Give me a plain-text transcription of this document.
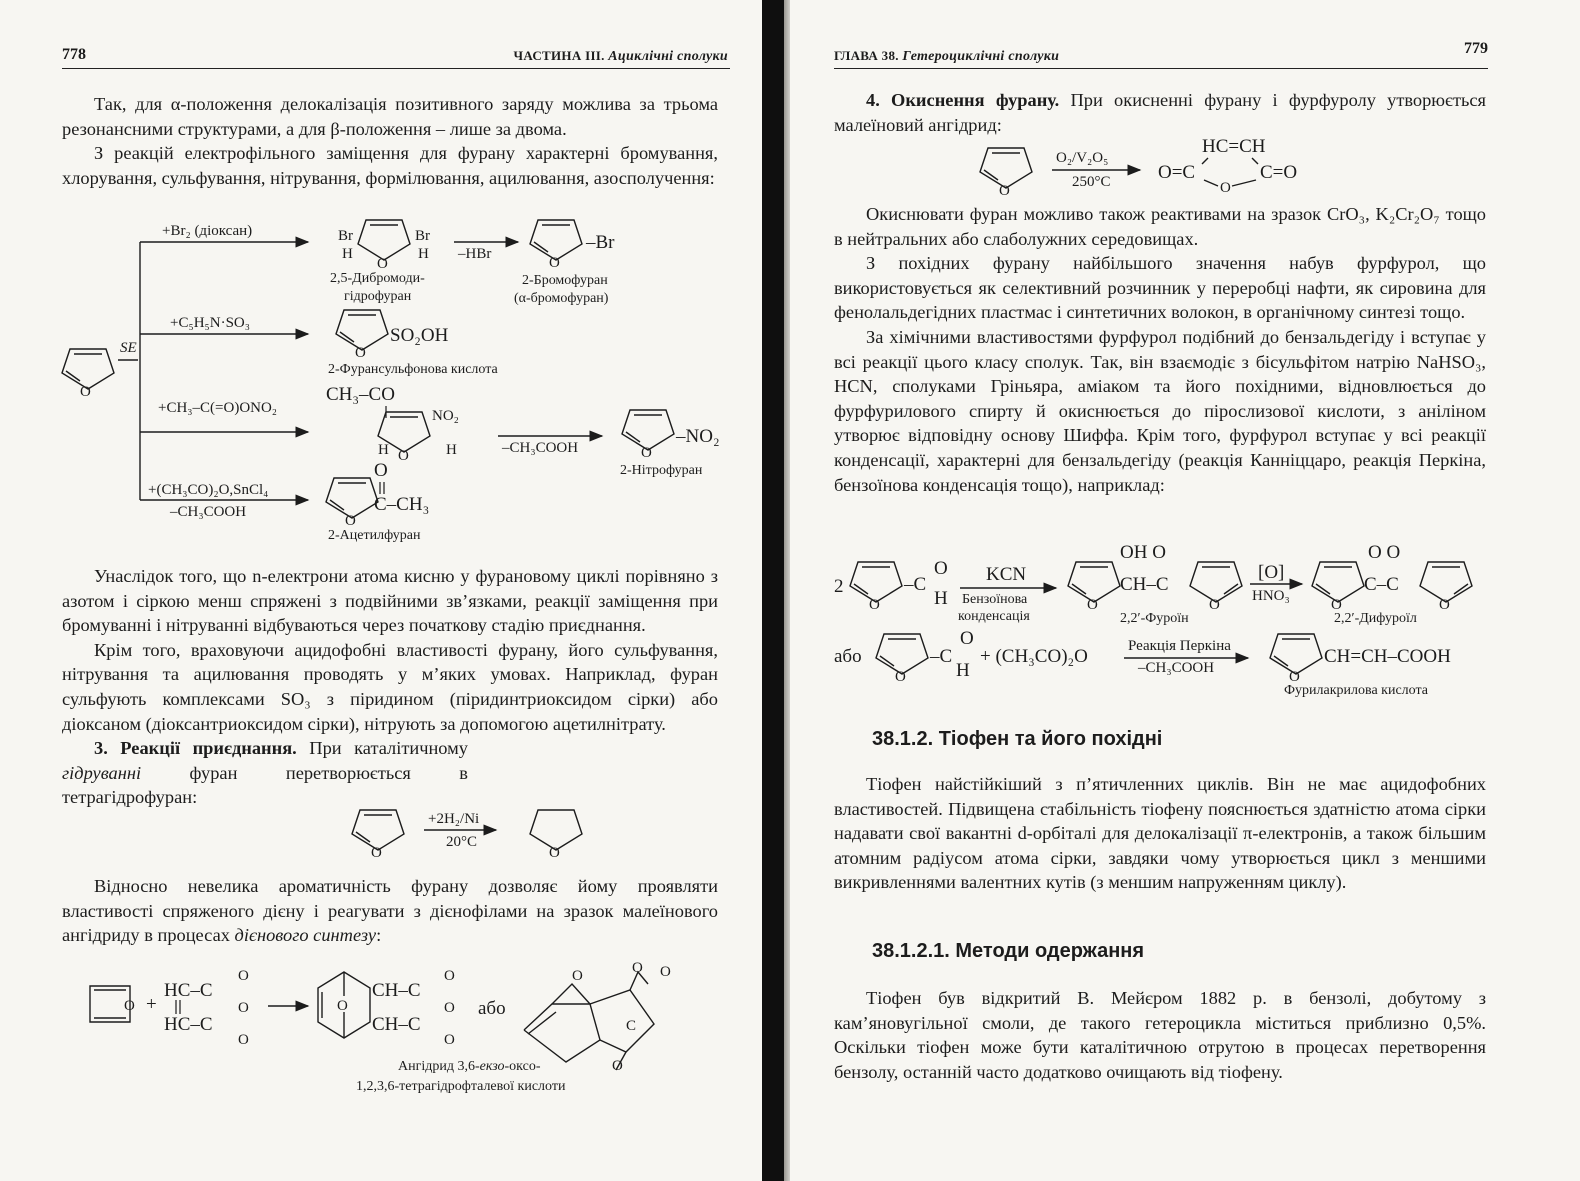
778	ЧАСТИНА III. Ациклічні сполуки

Так, для α-положення делокалізація позитивного заряду можлива за трьома резонансними структурами, а для β-положення – лише за двома.

З реакцій електрофільного заміщення для фурану характерні бромування, хлорування, сульфування, нітрування, формілювання, ацилювання, азосполучення:

O
SE
+Br₂ (діоксан)	Br	Br
H	H
O
2,5-Дибромоди-
гідрофуран
–HBr
O
–Br
2-Бромофуран
(α-бромофуран)
+C₅H₅N·SO₃
O
SO₂OH
2-Фурансульфонова кислота
+CH₃–C(=O)ONO₂
CH₃–CO
H O H
NO₂
–CH₃COOH	O
–NO₂
2-Нітрофуран
+(CH₃CO)₂O,SnCl₄
–CH₃COOH
O
O
C–CH₃
2-Ацетилфуран

Унаслідок того, що n-електрони атома кисню у фурановому циклі порівняно з азотом і сіркою менш спряжені з подвійними зв’язками, реакції заміщення при бромуванні і нітруванні відбуваються через початкову стадію приєднання.

Крім того, враховуючи ацидофобні властивості фурану, його сульфування, нітрування та ацилювання проводять у м’яких умовах. Наприклад, фуран сульфують комплексами SO₃ з піридином (піридинтриоксидом сірки) або діоксаном (діоксантриоксидом сірки), нітрують за допомогою ацетилнітрату.

3. Реакції приєднання. При каталітичному гідруванні фуран перетворюється в тетрагідрофуран:

O
+2H₂/Ni
20°C
O

Відносно невелика ароматичність фурану дозволяє йому проявляти властивості спряженого дієну і реагувати з дієнофілами на зразок малеїнового ангідриду в процесах дієнового синтезу:

O +
HC–C
HC–C
O
O
O
O
CH–C
CH–C
O
O
O
або
O	O O
C
O
Ангідрид 3,6-екзо-оксо-
1,2,3,6-тетрагідрофталевої кислоти
ГЛАВА 38. Гетероциклічні сполуки	779

4. Окиснення фурану. При окисненні фурану і фурфуролу утворюється малеїновий ангідрид:

O
O₂/V₂O₅
250°C
HC=CH
O=C	C=O
O

Окиснювати фуран можливо також реактивами на зразок CrO₃, K₂Cr₂O₇ тощо в нейтральних або слаболужних середовищах.

З похідних фурану найбільшого значення набув фурфурол, що використовується як селективний розчинник у переробці нафти, як сировина для фенолальдегідних пластмас і синтетичних волокон, в органічному синтезі тощо.

За хімічними властивостями фурфурол подібний до бензальдегіду і вступає у всі реакції цього класу сполук. Так, він взаємодіє з бісульфітом натрію NaHSO₃, HCN, сполуками Гріньяра, аміаком та його похідними, відновлюється до фурфурилового спирту й окиснюється до пірослизової кислоти, з аніліном утворює відповідну основу Шиффа. Крім того, фурфурол вступає у всі реакції конденсації, характерні для бензальдегіду (реакція Канніццаро, реакція Перкіна, бензоїнова конденсація тощо), наприклад:

2
O
–C
O
H
KCN
Бензоїнова
конденсація
O
OH O
CH–C
O
2,2′-Фуроїн
[O]
HNO₃
O
O O
C–C
O
2,2′-Дифуроїл
або
O
–C
O
H
+ (CH₃CO)₂O	Реакція Перкіна
–CH₃COOH
O
CH=CH–COOH
Фурилакрилова кислота
38.1.2. Тіофен та його похідні

Тіофен найстійкіший з п’ятичленних циклів. Він не має ацидофобних властивостей. Підвищена стабільність тіофену пояснюється здатністю атома сірки надавати свої вакантні d-орбіталі для делокалізації π-електронів, а також більшим атомним радіусом атома сірки, завдяки чому утворюється цикл з меншими викривленнями валентних кутів (з меншим напруженням циклу).

38.1.2.1. Методи одержання

Тіофен був відкритий В. Мейєром 1882 р. в бензолі, добутому з кам’яновугільної смоли, де такого гетероцикла міститься приблизно 0,5%. Оскільки тіофен може бути каталітичною отрутою в процесах перетворення бензолу, останній часто додатково очищають від тіофену.
